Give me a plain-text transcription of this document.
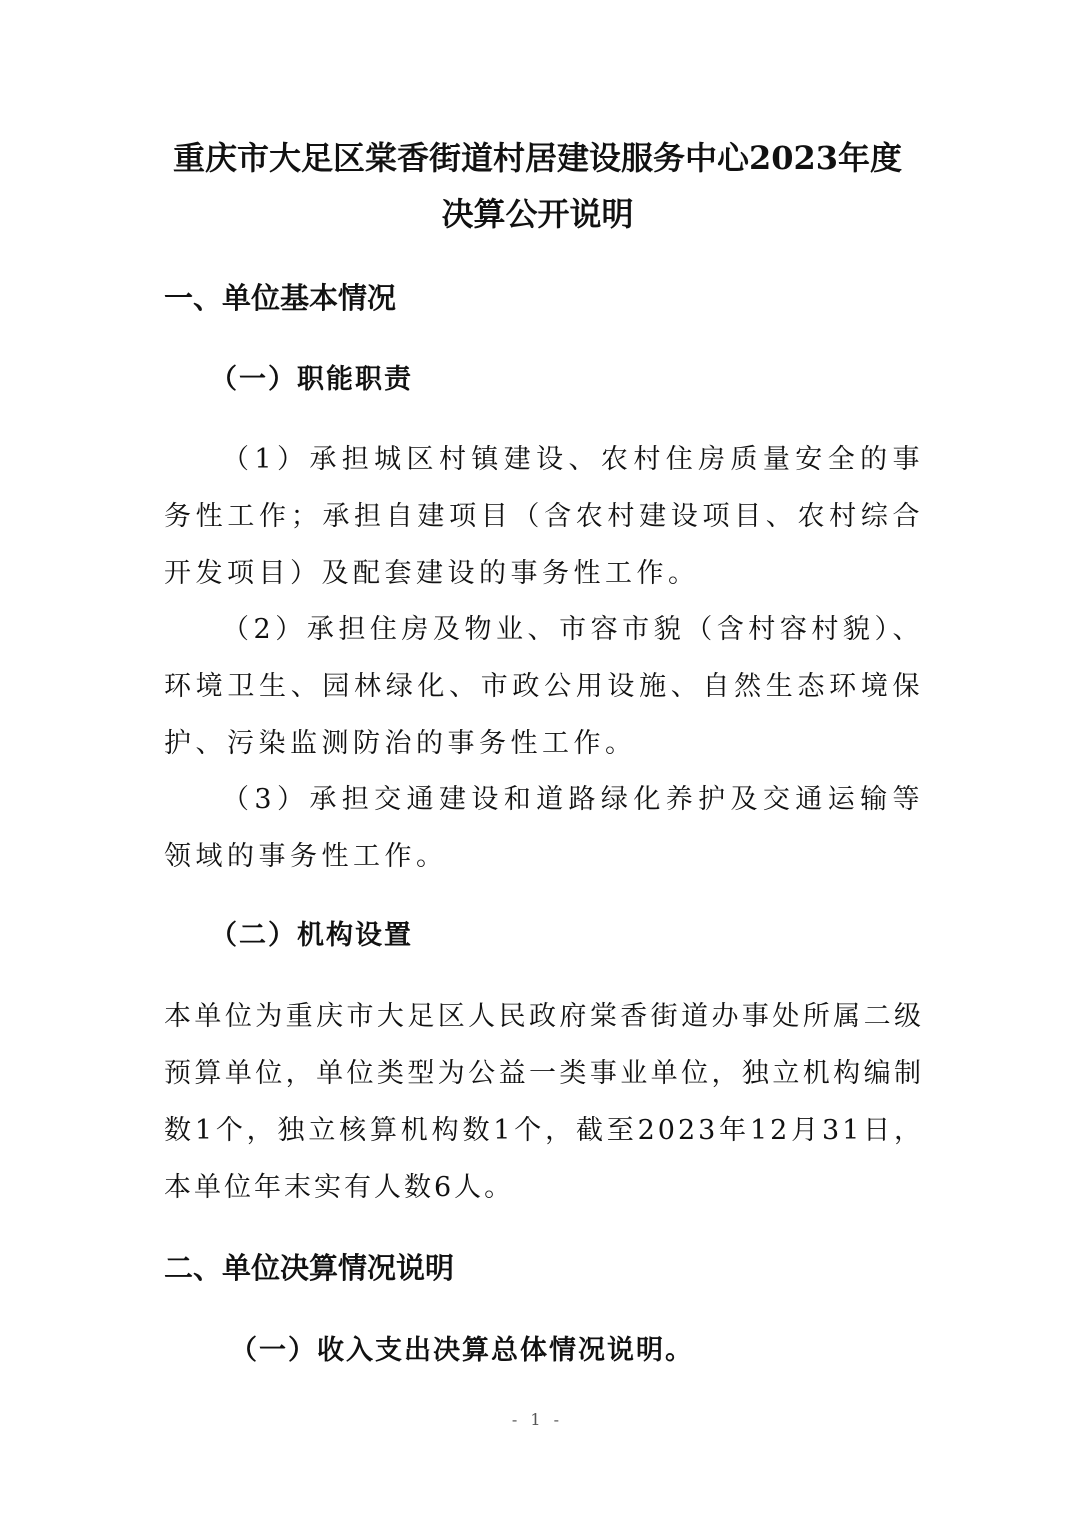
重庆市大足区棠香街道村居建设服务中心2023年度
决算公开说明
一、单位基本情况
（一）职能职责
（1）承担城区村镇建设、农村住房质量安全的事务性工作；承担自建项目（含农村建设项目、农村综合开发项目）及配套建设的事务性工作。
（2）承担住房及物业、市容市貌（含村容村貌）、环境卫生、园林绿化、市政公用设施、自然生态环境保护、污染监测防治的事务性工作。
（3）承担交通建设和道路绿化养护及交通运输等领域的事务性工作。
（二）机构设置
本单位为重庆市大足区人民政府棠香街道办事处所属二级预算单位，单位类型为公益一类事业单位，独立机构编制数1个，独立核算机构数1个，截至2023年12月31日，本单位年末实有人数6人。
二、单位决算情况说明
（一）收入支出决算总体情况说明。
- 1 -
